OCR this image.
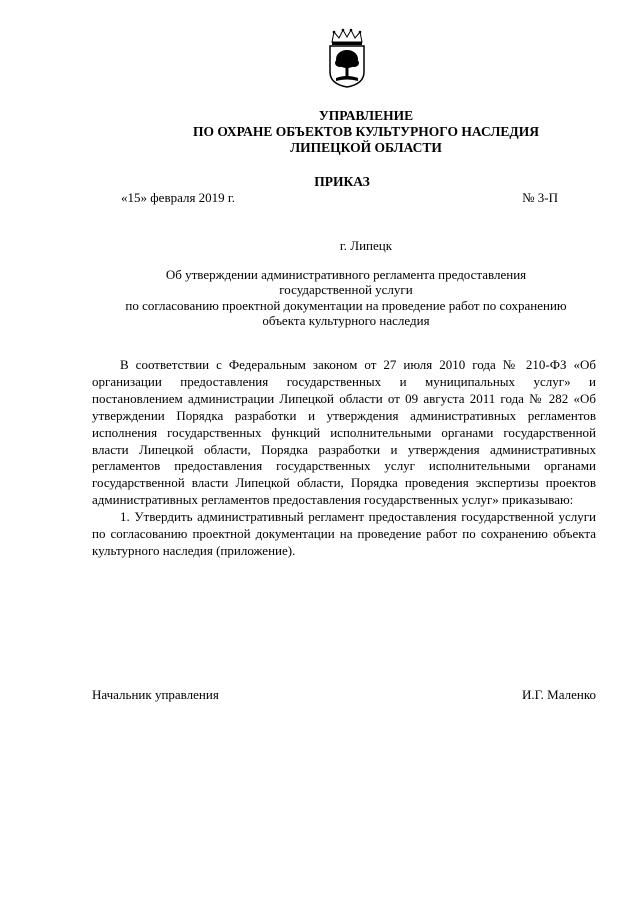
УПРАВЛЕНИЕ
ПО ОХРАНЕ ОБЪЕКТОВ КУЛЬТУРНОГО НАСЛЕДИЯ
ЛИПЕЦКОЙ ОБЛАСТИ
ПРИКАЗ
«15» февраля 2019 г.	№ 3-П
г. Липецк
Об утверждении административного регламента предоставления
государственной услуги
по согласованию проектной документации на проведение работ по сохранению
объекта культурного наследия

В соответствии с Федеральным законом от 27 июля 2010 года № 210-ФЗ «Об организации предоставления государственных и муниципальных услуг» и постановлением администрации Липецкой области от 09 августа 2011 года № 282 «Об утверждении Порядка разработки и утверждения административных регламентов исполнения государственных функций исполнительными органами государственной власти Липецкой области, Порядка разработки и утверждения административных регламентов предоставления государственных услуг исполнительными органами государственной власти Липецкой области, Порядка проведения экспертизы проектов административных регламентов предоставления государственных услуг» приказываю:

1. Утвердить административный регламент предоставления государственной услуги по согласованию проектной документации на проведение работ по сохранению объекта культурного наследия (приложение).

Начальник управления	И.Г. Маленко
